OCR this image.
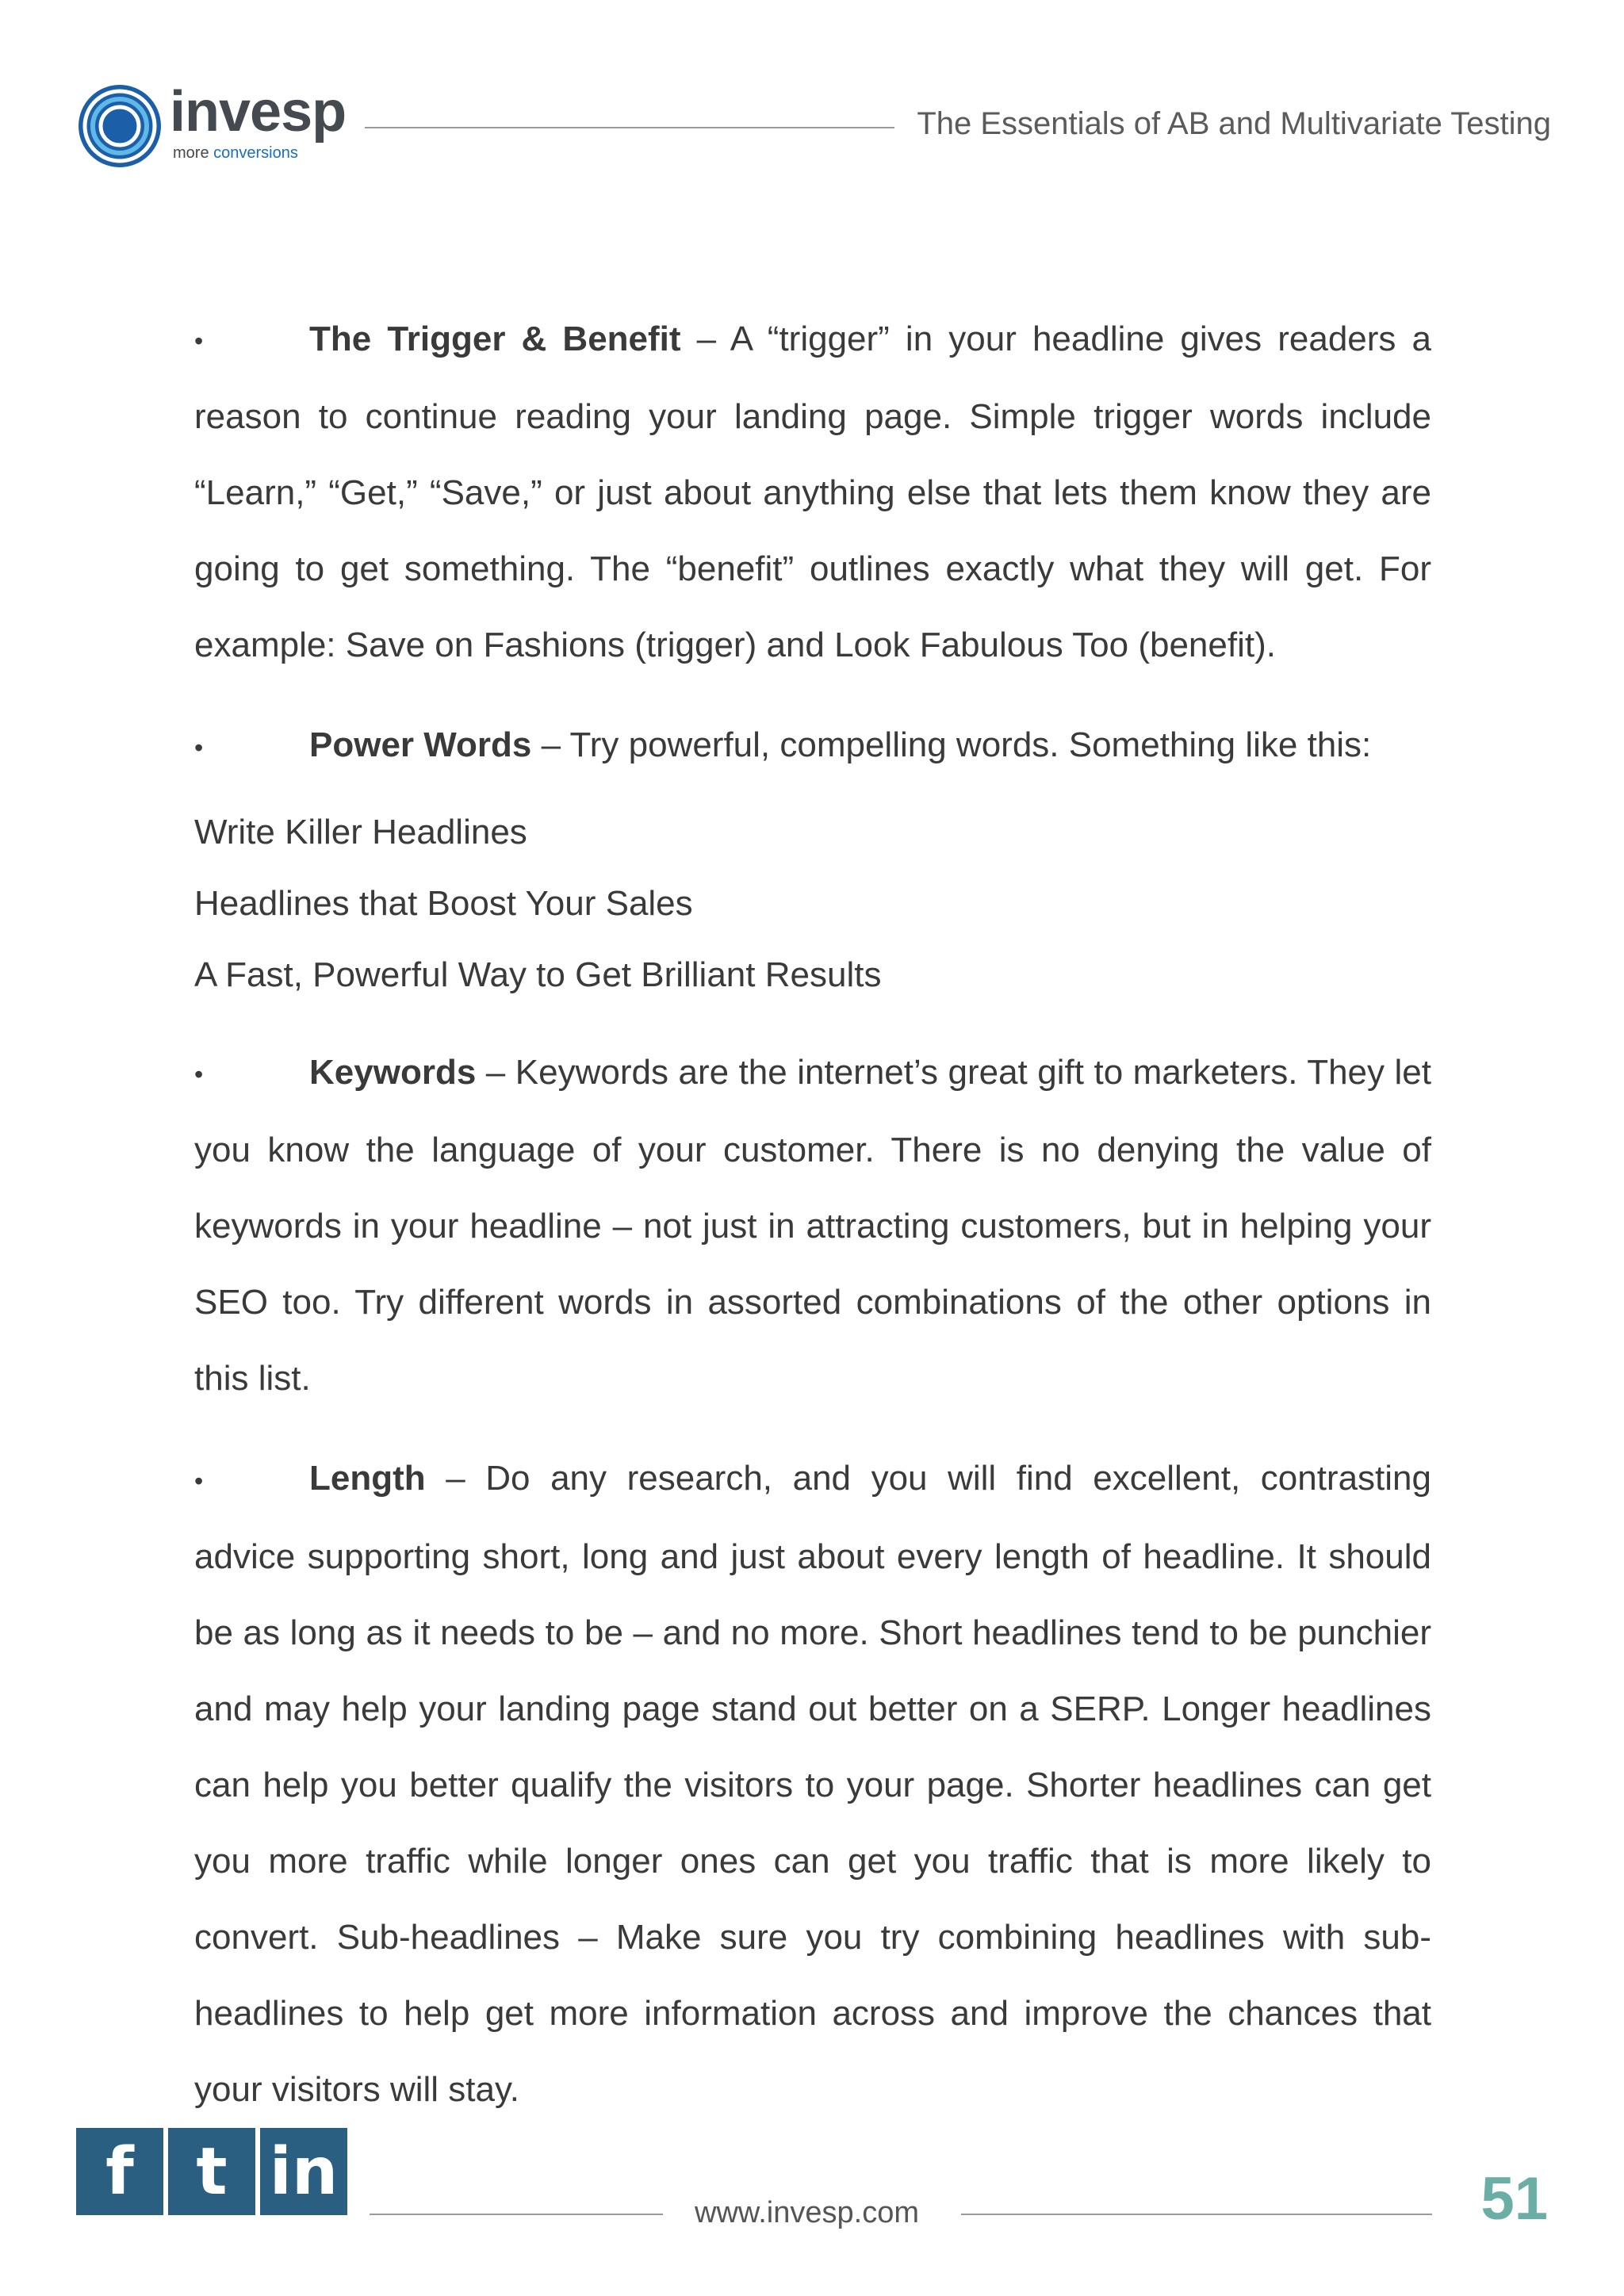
invesp
more conversions
The Essentials of AB and Multivariate Testing

•	The Trigger & Benefit – A “trigger” in your headline gives readers a reason to continue reading your landing page. Simple trigger words include “Learn,” “Get,” “Save,” or just about anything else that lets them know they are going to get something. The “benefit” outlines exactly what they will get. For example: Save on Fashions (trigger) and Look Fabulous Too (benefit).

•	Power Words – Try powerful, compelling words. Something like this:

Write Killer Headlines
Headlines that Boost Your Sales
A Fast, Powerful Way to Get Brilliant Results

•	Keywords – Keywords are the internet’s great gift to marketers. They let you know the language of your customer. There is no denying the value of keywords in your headline – not just in attracting customers, but in helping your SEO too. Try different words in assorted combinations of the other options in this list.

•	Length – Do any research, and you will find excellent, contrasting advice supporting short, long and just about every length of headline. It should be as long as it needs to be – and no more. Short headlines tend to be punchier and may help your landing page stand out better on a SERP. Longer headlines can help you better qualify the visitors to your page. Shorter headlines can get you more traffic while longer ones can get you traffic that is more likely to convert. Sub-headlines – Make sure you try combining headlines with sub-headlines to help get more information across and improve the chances that your visitors will stay.

f t in
www.invesp.com	51
